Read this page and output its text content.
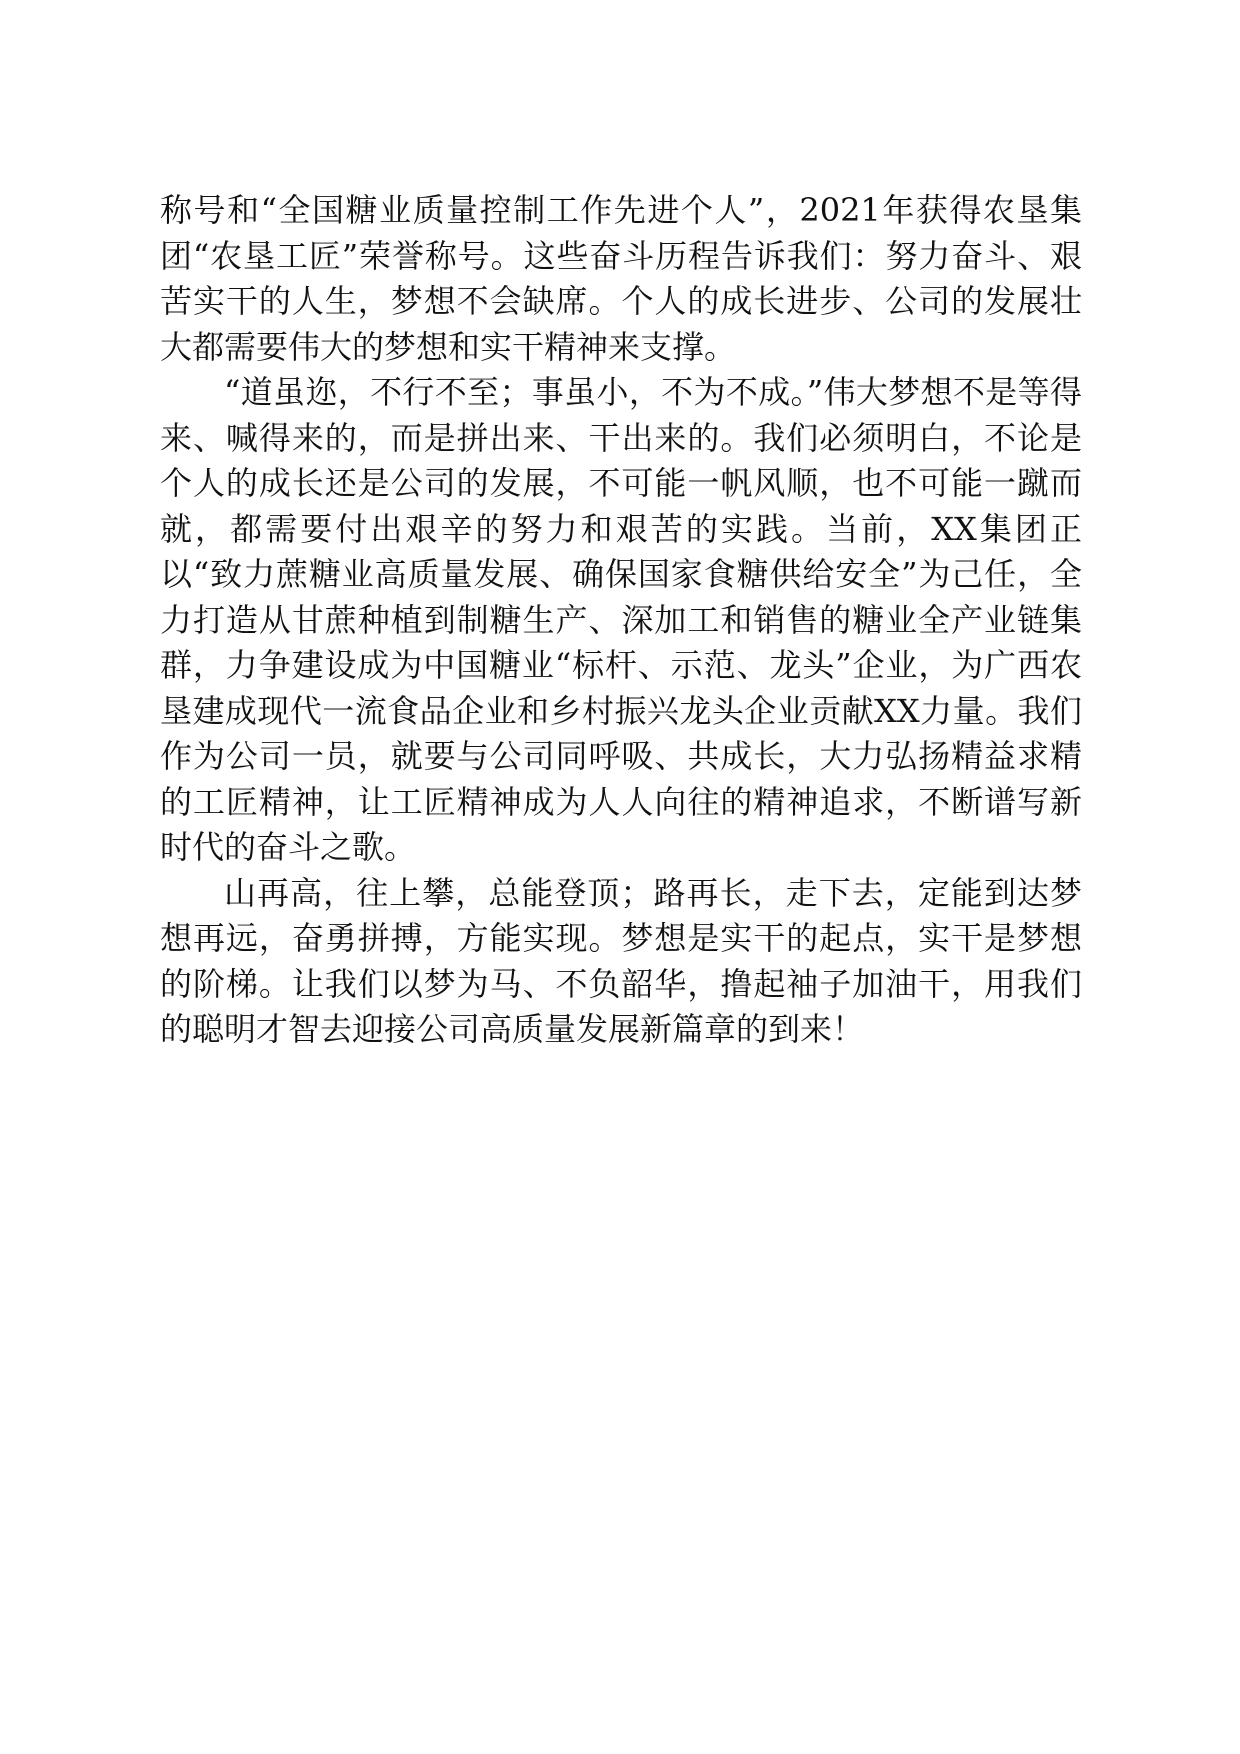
称号和“全国糖业质量控制工作先进个人”，2021年获得农垦集团“农垦工匠”荣誉称号。这些奋斗历程告诉我们：努力奋斗、艰苦实干的人生，梦想不会缺席。个人的成长进步、公司的发展壮大都需要伟大的梦想和实干精神来支撑。

“道虽迩，不行不至；事虽小，不为不成。”伟大梦想不是等得来、喊得来的，而是拼出来、干出来的。我们必须明白，不论是个人的成长还是公司的发展，不可能一帆风顺，也不可能一蹴而就，都需要付出艰辛的努力和艰苦的实践。当前，XX集团正以“致力蔗糖业高质量发展、确保国家食糖供给安全”为己任，全力打造从甘蔗种植到制糖生产、深加工和销售的糖业全产业链集群，力争建设成为中国糖业“标杆、示范、龙头”企业，为广西农垦建成现代一流食品企业和乡村振兴龙头企业贡献XX力量。我们作为公司一员，就要与公司同呼吸、共成长，大力弘扬精益求精的工匠精神，让工匠精神成为人人向往的精神追求，不断谱写新时代的奋斗之歌。

山再高，往上攀，总能登顶；路再长，走下去，定能到达梦想再远，奋勇拼搏，方能实现。梦想是实干的起点，实干是梦想的阶梯。让我们以梦为马、不负韶华，撸起袖子加油干，用我们的聪明才智去迎接公司高质量发展新篇章的到来！
